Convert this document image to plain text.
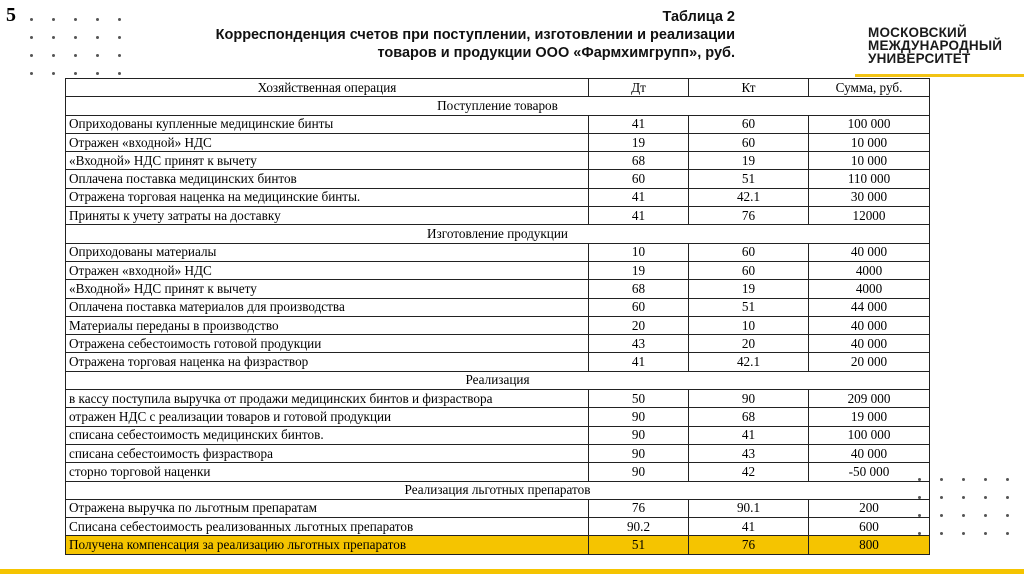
5	Таблица 2
Корреспонденция счетов при поступлении, изготовлении и реализации
товаров и продукции ООО «Фармхимгрупп», руб.
МОСКОВСКИЙ
МЕЖДУНАРОДНЫЙ
УНИВЕРСИТЕТ
Хозяйственная операция	Дт	Кт	Сумма, руб.
Поступление товаров			
Оприходованы купленные медицинские бинты	41	60	100 000
Отражен «входной» НДС	19	60	10 000
«Входной» НДС принят к вычету	68	19	10 000
Оплачена поставка медицинских бинтов	60	51	110 000
Отражена торговая наценка на медицинские бинты.	41	42.1	30 000
Приняты к учету затраты на доставку	41	76	12000
Изготовление продукции			
Оприходованы материалы	10	60	40 000
Отражен «входной» НДС	19	60	4000
«Входной» НДС принят к вычету	68	19	4000
Оплачена поставка материалов для производства	60	51	44 000
Материалы переданы в производство	20	10	40 000
Отражена себестоимость готовой продукции	43	20	40 000
Отражена торговая наценка на физраствор	41	42.1	20 000
Реализация			
в кассу поступила выручка от продажи медицинских бинтов и физраствора	50	90	209 000
отражен НДС с реализации товаров и готовой продукции	90	68	19 000
списана себестоимость медицинских бинтов.	90	41	100 000
списана себестоимость физраствора	90	43	40 000
сторно торговой наценки	90	42	-50 000
Реализация льготных препаратов			
Отражена выручка по льготным препаратам	76	90.1	200
Списана себестоимость реализованных льготных препаратов	90.2	41	600
Получена компенсация за реализацию льготных препаратов	51	76	800
